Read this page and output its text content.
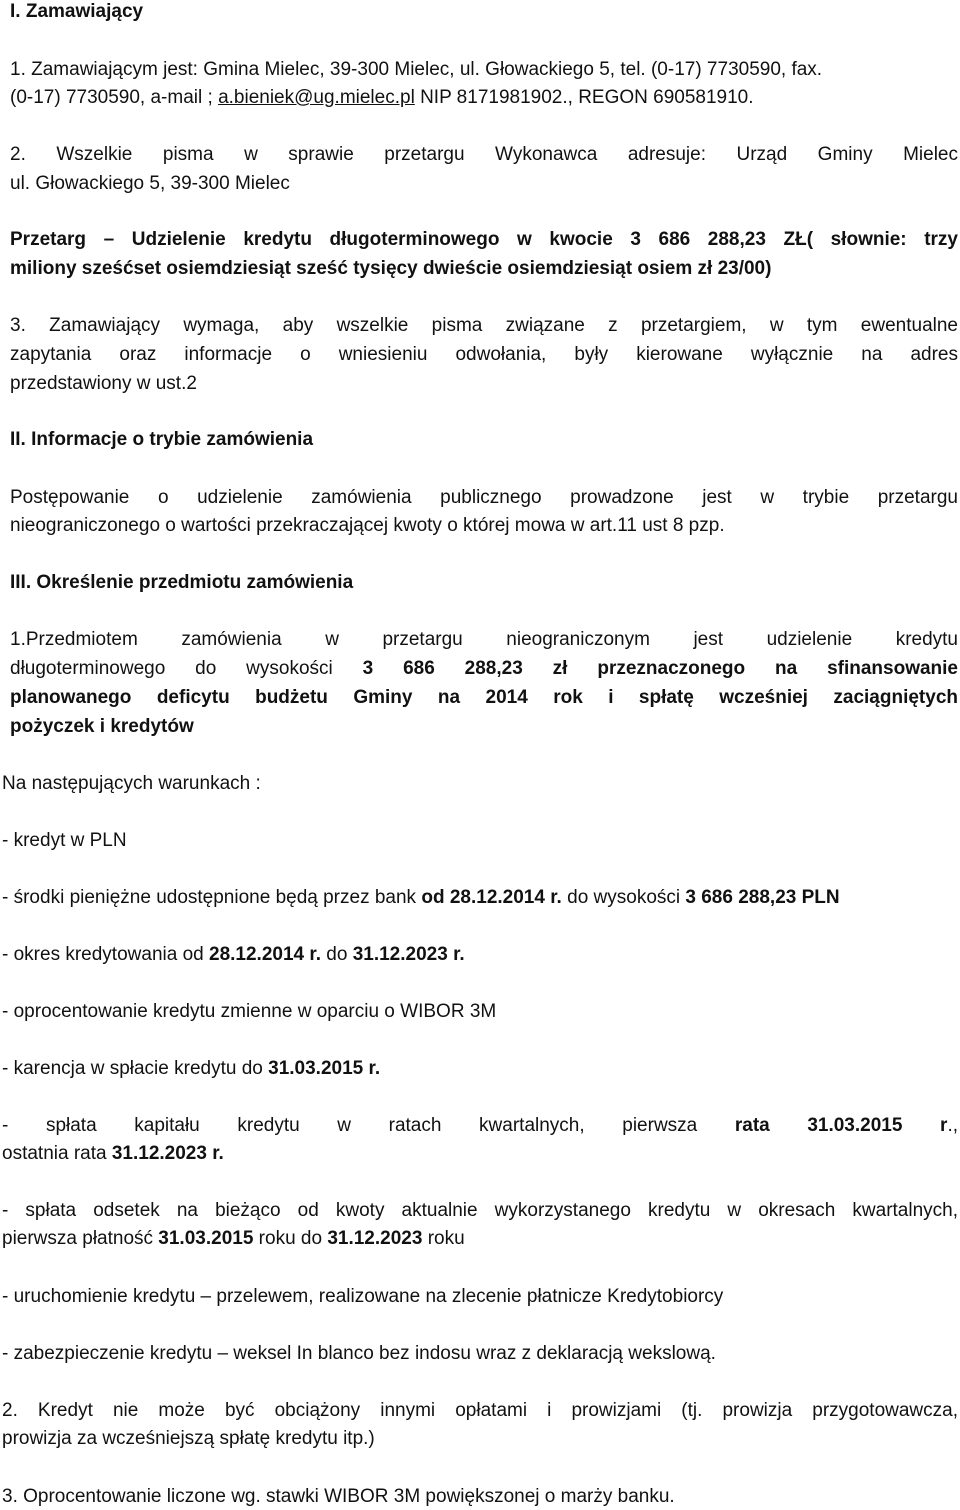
I. Zamawiający
1. Zamawiającym jest: Gmina Mielec, 39-300 Mielec, ul. Głowackiego 5, tel. (0-17) 7730590, fax.
(0-17) 7730590, a-mail ; a.bieniek@ug.mielec.pl NIP 8171981902., REGON 690581910.
2. Wszelkie pisma w sprawie przetargu Wykonawca adresuje: Urząd Gminy Mielec
ul. Głowackiego 5, 39-300 Mielec
Przetarg – Udzielenie kredytu długoterminowego w kwocie 3 686 288,23 ZŁ( słownie: trzy
miliony sześćset osiemdziesiąt sześć tysięcy dwieście osiemdziesiąt osiem zł 23/00)
3. Zamawiający wymaga, aby wszelkie pisma związane z przetargiem, w tym ewentualne
zapytania oraz informacje o wniesieniu odwołania, były kierowane wyłącznie na adres
przedstawiony w ust.2
II. Informacje o trybie zamówienia
Postępowanie o udzielenie zamówienia publicznego prowadzone jest w trybie przetargu
nieograniczonego o wartości przekraczającej kwoty o której mowa w art.11 ust 8 pzp.
III. Określenie przedmiotu zamówienia
1.Przedmiotem zamówienia w przetargu nieograniczonym jest udzielenie kredytu
długoterminowego do wysokości 3 686 288,23 zł przeznaczonego na sfinansowanie
planowanego deficytu budżetu Gminy na 2014 rok i spłatę wcześniej zaciągniętych
pożyczek i kredytów
Na następujących warunkach :
- kredyt w PLN
- środki pieniężne udostępnione będą przez bank od 28.12.2014 r. do wysokości 3 686 288,23 PLN
- okres kredytowania od 28.12.2014 r. do 31.12.2023 r.
- oprocentowanie kredytu zmienne w oparciu o WIBOR 3M
- karencja w spłacie kredytu do 31.03.2015 r.
- spłata kapitału kredytu w ratach kwartalnych, pierwsza rata 31.03.2015 r.,
ostatnia rata 31.12.2023 r.
- spłata odsetek na bieżąco od kwoty aktualnie wykorzystanego kredytu w okresach kwartalnych,
pierwsza płatność 31.03.2015 roku do 31.12.2023 roku
- uruchomienie kredytu – przelewem, realizowane na zlecenie płatnicze Kredytobiorcy
- zabezpieczenie kredytu – weksel In blanco bez indosu wraz z deklaracją wekslową.
2. Kredyt nie może być obciążony innymi opłatami i prowizjami (tj. prowizja przygotowawcza,
prowizja za wcześniejszą spłatę kredytu itp.)
3. Oprocentowanie liczone wg. stawki WIBOR 3M powiększonej o marży banku.
